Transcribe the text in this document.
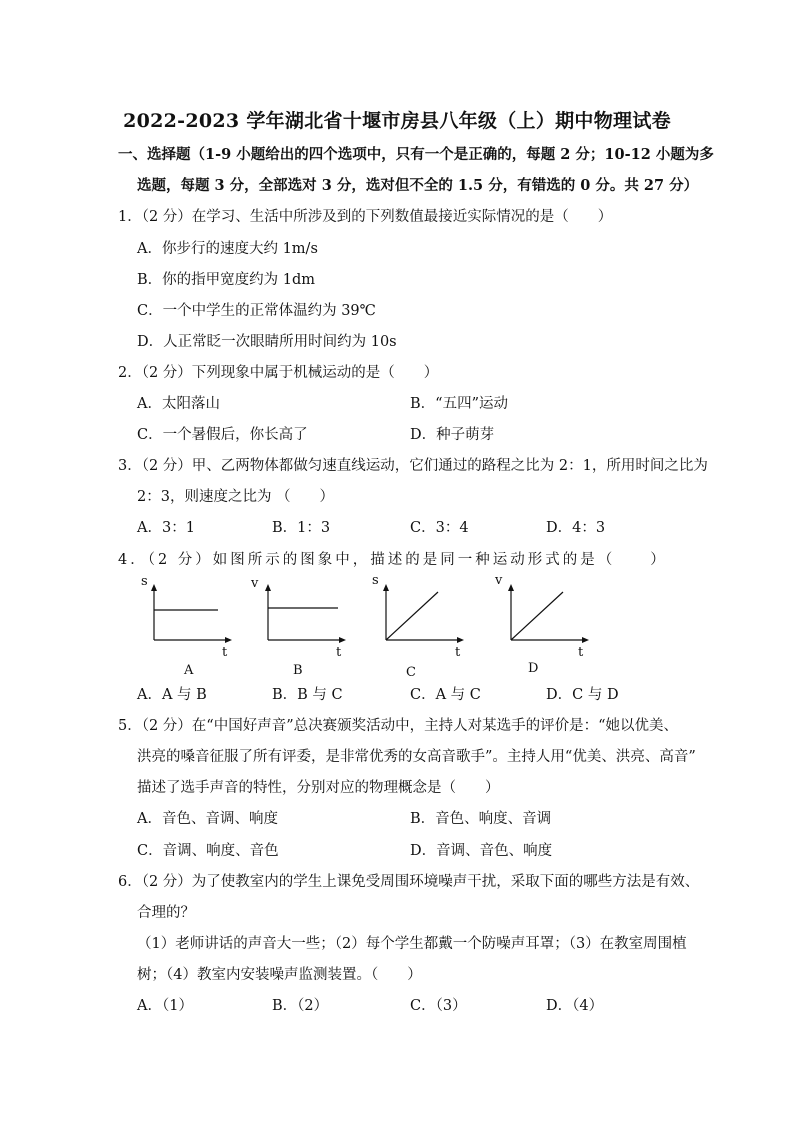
2022-2023 学年湖北省十堰市房县八年级（上）期中物理试卷
一、选择题（1-9 小题给出的四个选项中，只有一个是正确的，每题 2 分；10-12 小题为多
选题，每题 3 分，全部选对 3 分，选对但不全的 1.5 分，有错选的 0 分。共 27 分）
1．（2 分）在学习、生活中所涉及到的下列数值最接近实际情况的是（　　）
A．你步行的速度大约 1m/s
B．你的指甲宽度约为 1dm
C．一个中学生的正常体温约为 39℃
D．人正常眨一次眼睛所用时间约为 10s
2．（2 分）下列现象中属于机械运动的是（　　）
A．太阳落山	B．“五四”运动
C．一个暑假后，你长高了	D．种子萌芽
3．（2 分）甲、乙两物体都做匀速直线运动，它们通过的路程之比为 2：1，所用时间之比为
2：3，则速度之比为 （　　）
A．3：1	B．1：3	C．3：4	D．4：3
4．（2 分）如图所示的图象中，描述的是同一种运动形式的是（　　）
s
t
A
v
t
B
s
t
C
v
t
D
A．A 与 B	B．B 与 C	C．A 与 C	D．C 与 D
5．（2 分）在“中国好声音”总决赛颁奖活动中，主持人对某选手的评价是：“她以优美、
洪亮的嗓音征服了所有评委，是非常优秀的女高音歌手”。主持人用“优美、洪亮、高音”
描述了选手声音的特性，分别对应的物理概念是（　　）
A．音色、音调、响度	B．音色、响度、音调
C．音调、响度、音色	D．音调、音色、响度
6．（2 分）为了使教室内的学生上课免受周围环境噪声干扰，采取下面的哪些方法是有效、
合理的？
（1）老师讲话的声音大一些；（2）每个学生都戴一个防噪声耳罩；（3）在教室周围植
树；（4）教室内安装噪声监测装置。（　　）
A．（1）	B．（2）	C．（3）	D．（4）
